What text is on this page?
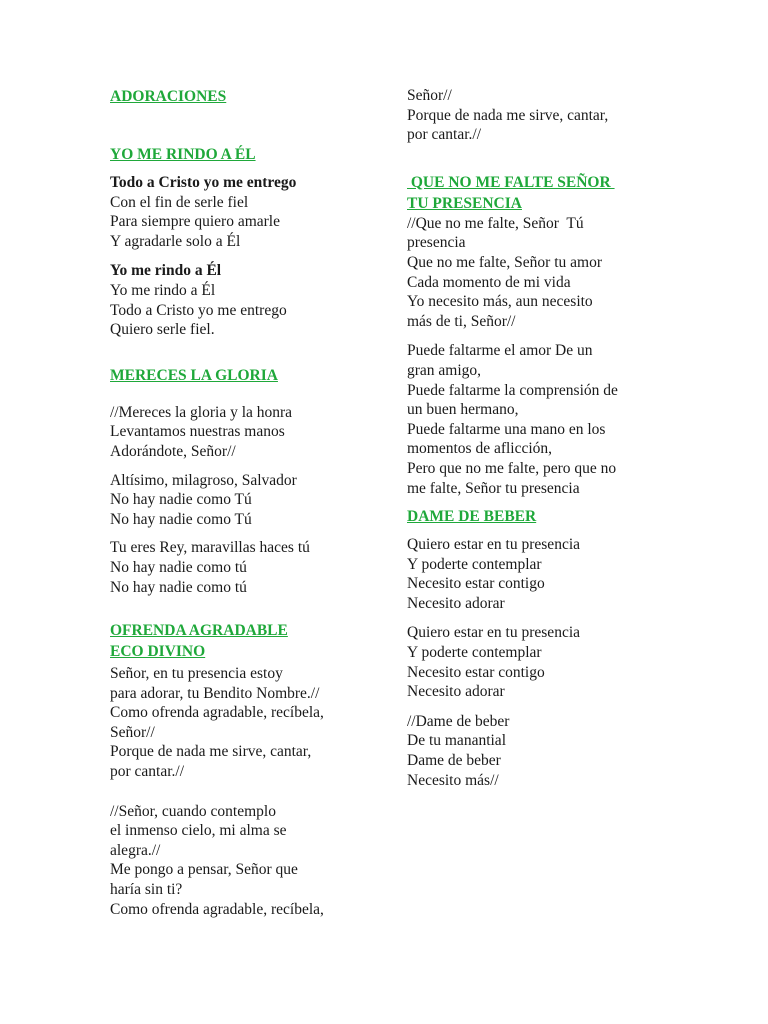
ADORACIONES
YO ME RINDO A ÉL
Todo a Cristo yo me entrego
Con el fin de serle fiel
Para siempre quiero amarle
Y agradarle solo a Él
Yo me rindo a Él
Yo me rindo a Él
Todo a Cristo yo me entrego
Quiero serle fiel.
MERECES LA GLORIA
//Mereces la gloria y la honra
Levantamos nuestras manos
Adorándote, Señor//
Altísimo, milagroso, Salvador
No hay nadie como Tú
No hay nadie como Tú
Tu eres Rey, maravillas haces tú
No hay nadie como tú
No hay nadie como tú
OFRENDA AGRADABLE
ECO DIVINO
Señor, en tu presencia estoy
para adorar, tu Bendito Nombre.//
Como ofrenda agradable, recíbela,
Señor//
Porque de nada me sirve, cantar,
por cantar.//
//Señor, cuando contemplo
el inmenso cielo, mi alma se
alegra.//
Me pongo a pensar, Señor que
haría sin ti?
Como ofrenda agradable, recíbela,
Señor//
Porque de nada me sirve, cantar,
por cantar.//
QUE NO ME FALTE SEÑOR
TU PRESENCIA
//Que no me falte, Señor  Tú
presencia
Que no me falte, Señor tu amor
Cada momento de mi vida
Yo necesito más, aun necesito
más de ti, Señor//
Puede faltarme el amor De un
gran amigo,
Puede faltarme la comprensión de
un buen hermano,
Puede faltarme una mano en los
momentos de aflicción,
Pero que no me falte, pero que no
me falte, Señor tu presencia
DAME DE BEBER
Quiero estar en tu presencia
Y poderte contemplar
Necesito estar contigo
Necesito adorar
Quiero estar en tu presencia
Y poderte contemplar
Necesito estar contigo
Necesito adorar
//Dame de beber
De tu manantial
Dame de beber
Necesito más//
